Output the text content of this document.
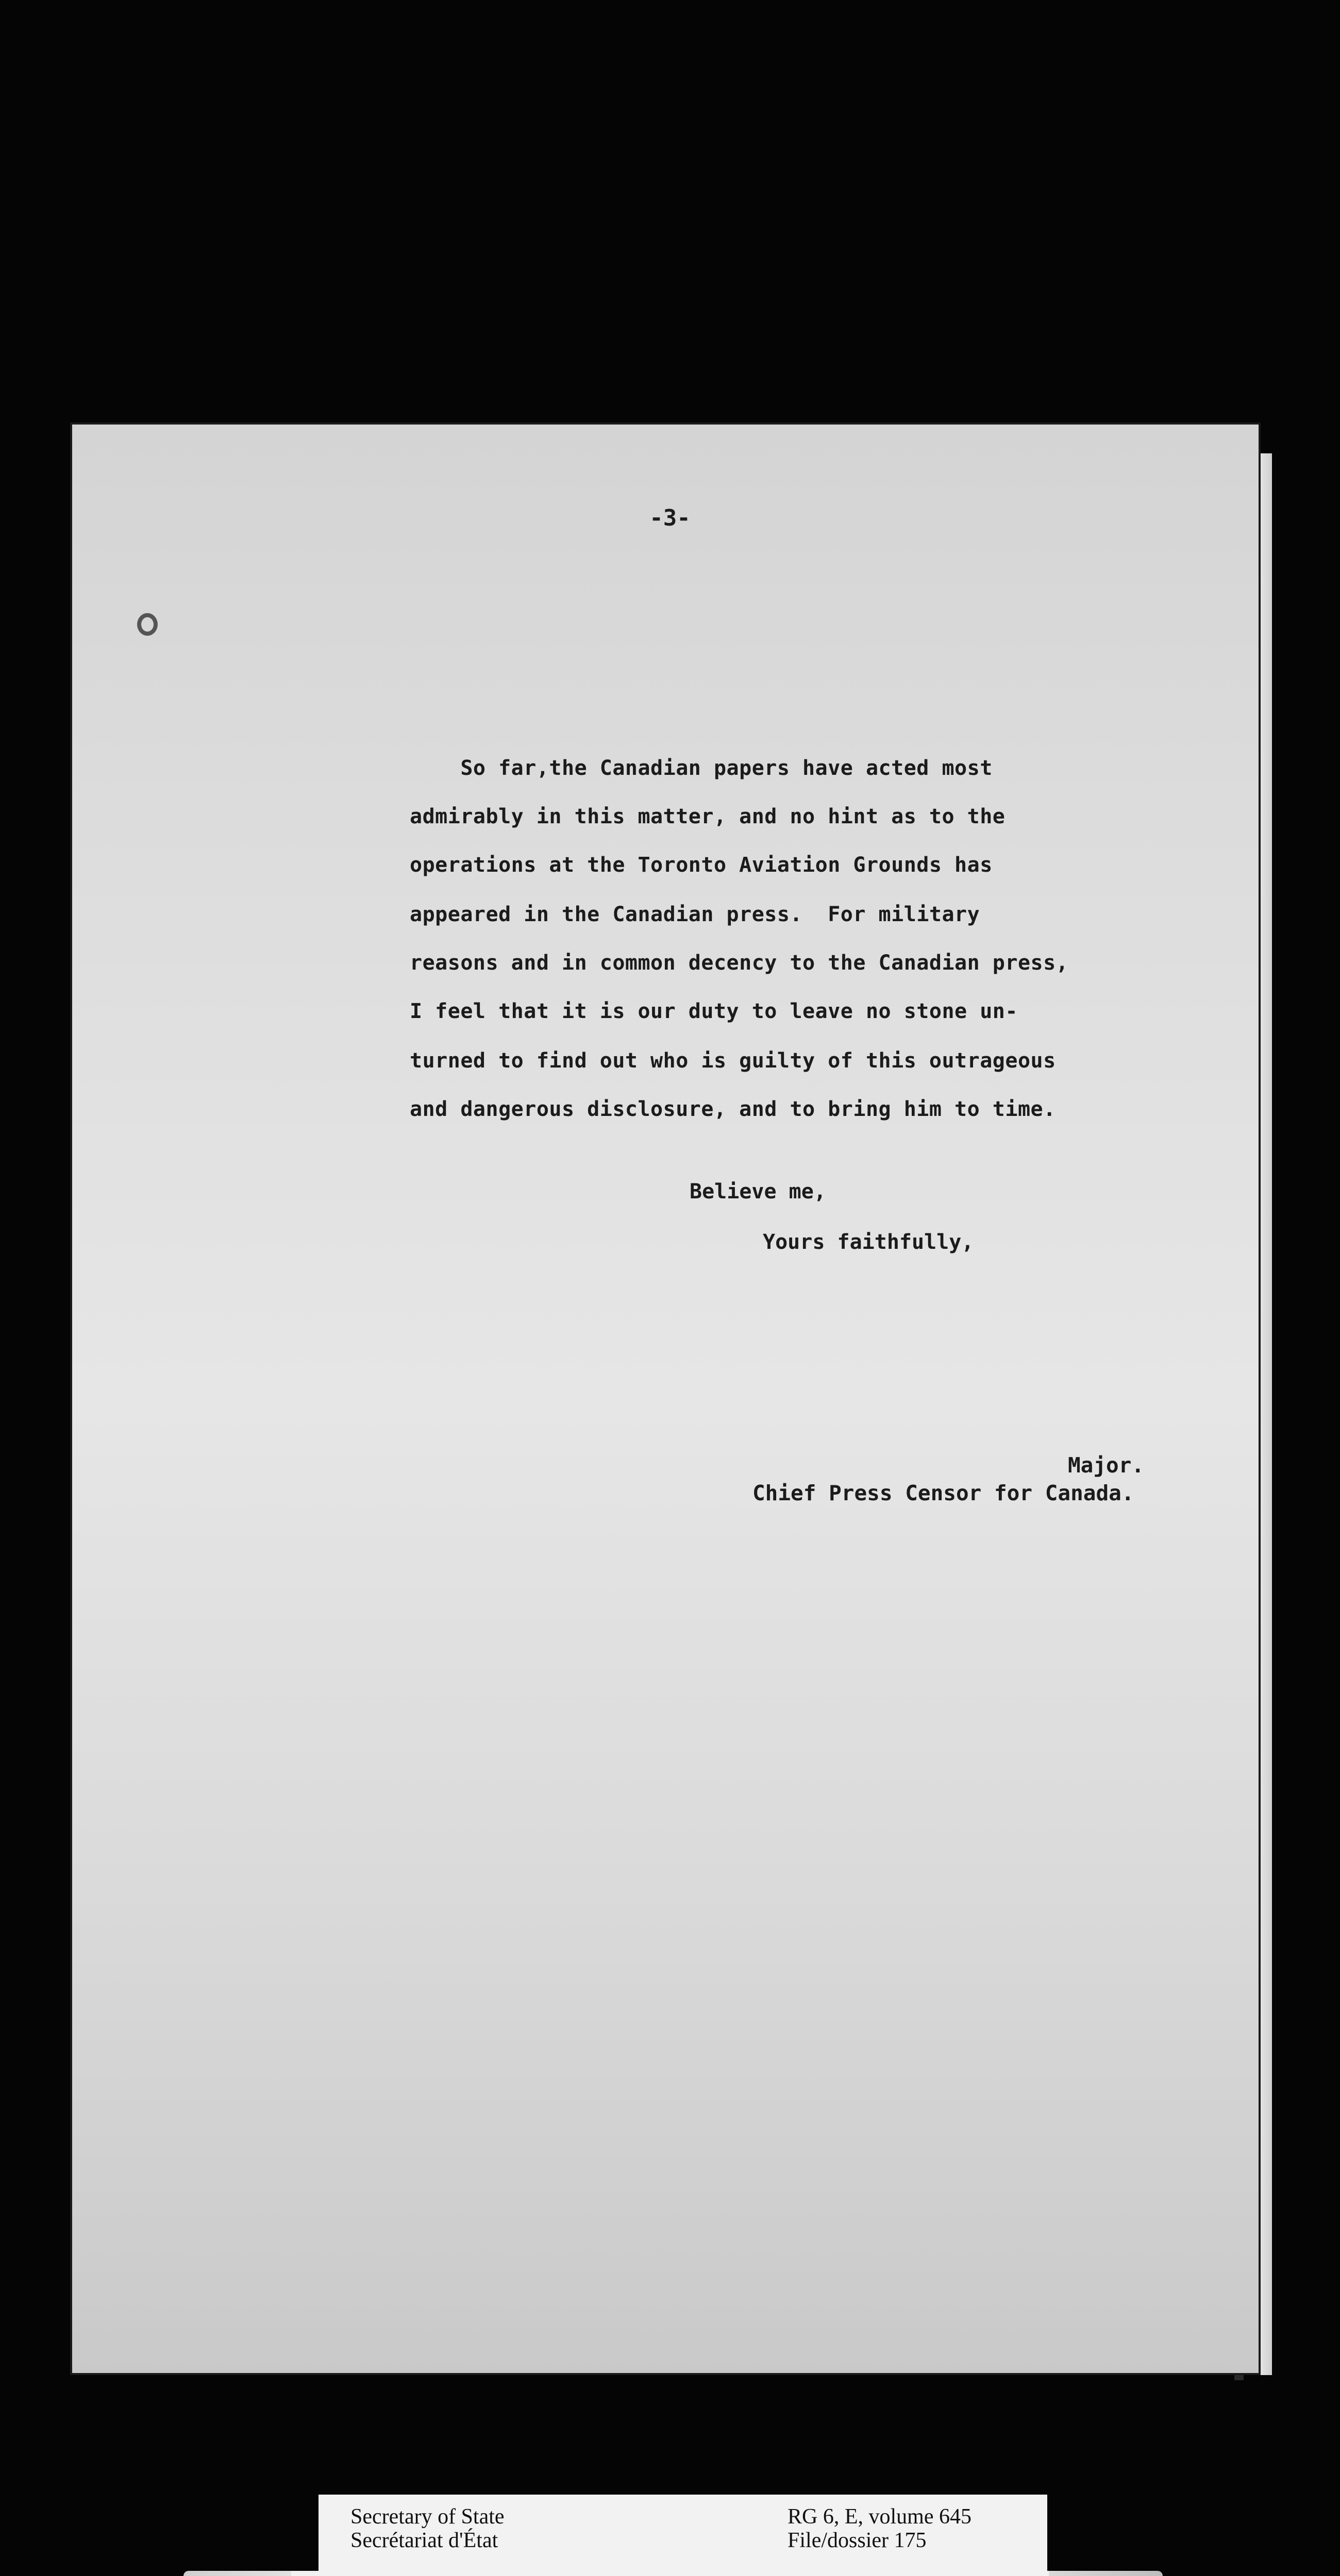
-3-
So far,the Canadian papers have acted most
admirably in this matter, and no hint as to the
operations at the Toronto Aviation Grounds has
appeared in the Canadian press.  For military
reasons and in common decency to the Canadian press,
I feel that it is our duty to leave no stone un-
turned to find out who is guilty of this outrageous
and dangerous disclosure, and to bring him to time.
Believe me,
Yours faithfully,
Major.
Chief Press Censor for Canada.
Secretary of State
Secrétariat d'État
RG 6, E, volume 645
File/dossier 175
